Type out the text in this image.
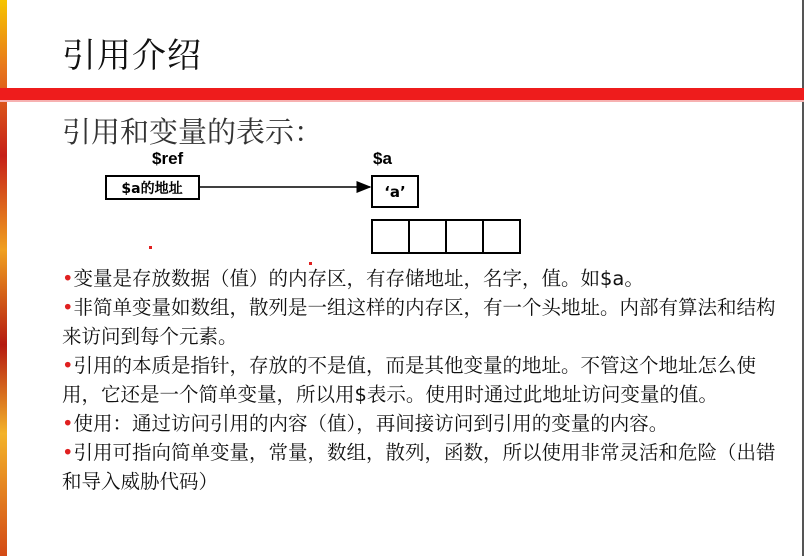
引用介绍
引用和变量的表示：
$ref
$a的地址
$a
‘a’
•变量是存放数据（值）的内存区，有存储地址，名字，值。如$a。
•非简单变量如数组，散列是一组这样的内存区，有一个头地址。内部有算法和结构来访问到每个元素。
•引用的本质是指针，存放的不是值，而是其他变量的地址。不管这个地址怎么使用，它还是一个简单变量，所以用$表示。使用时通过此地址访问变量的值。
•使用：通过访问引用的内容（值），再间接访问到引用的变量的内容。
•引用可指向简单变量，常量，数组，散列，函数，所以使用非常灵活和危险（出错和导入威胁代码）
